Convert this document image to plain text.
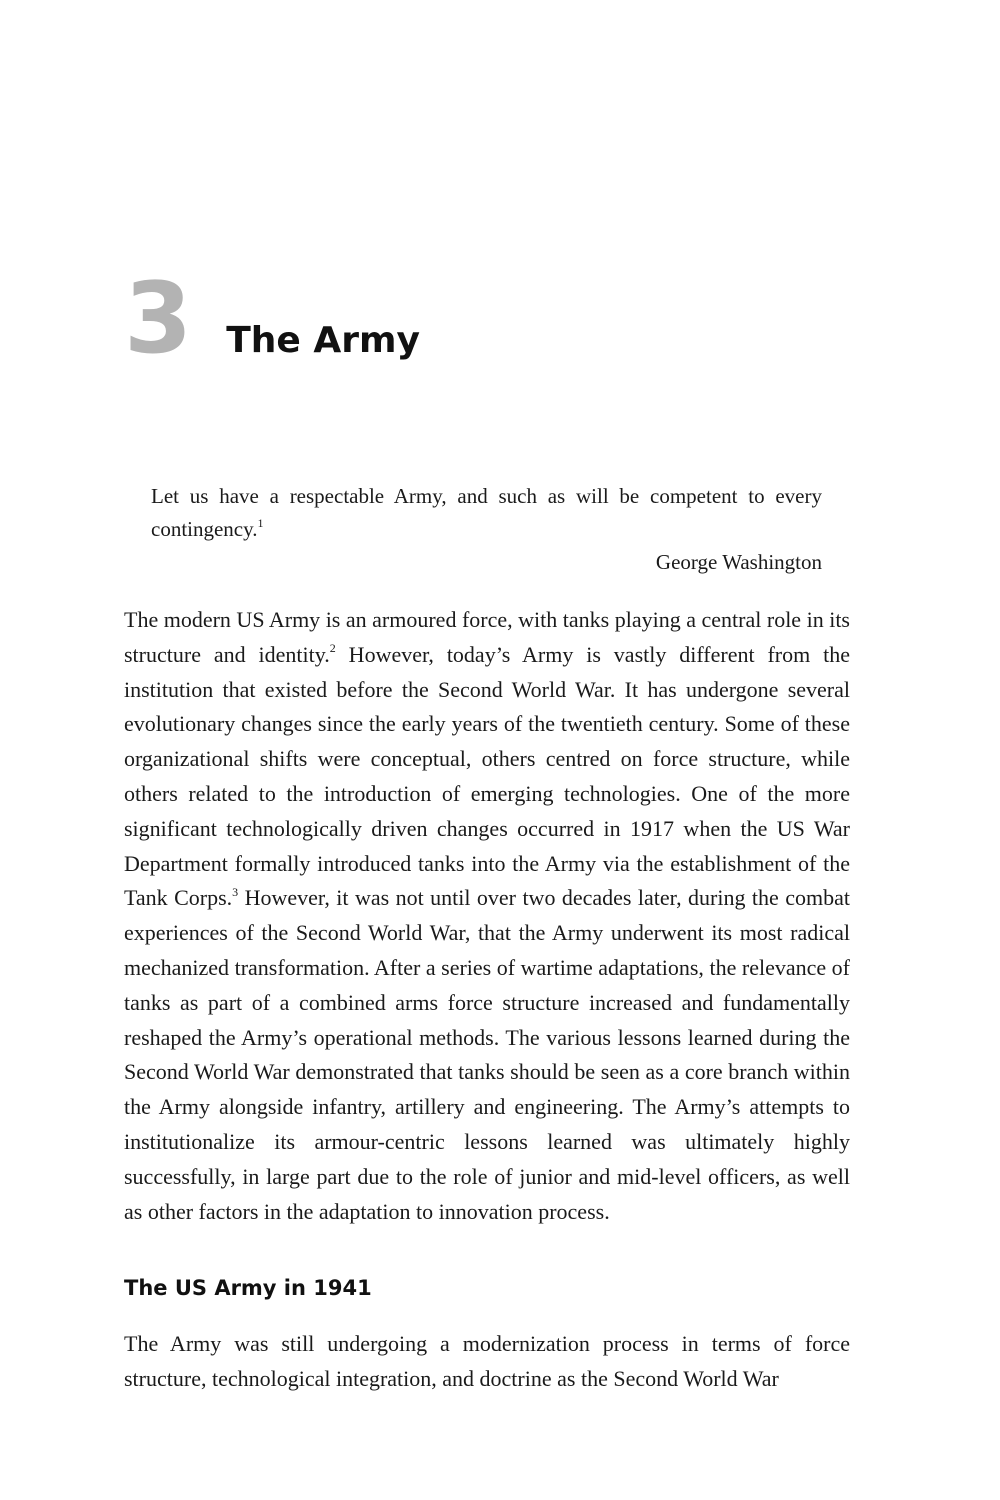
3 The Army

Let us have a respectable Army, and such as will be competent to every contingency.$^1$

George Washington

The modern US Army is an armoured force, with tanks playing a central role in its structure and identity.$^2$ However, today’s Army is vastly different from the institution that existed before the Second World War. It has undergone several evolutionary changes since the early years of the twentieth century. Some of these organizational shifts were conceptual, others centred on force structure, while others related to the introduction of emerging technologies. One of the more significant technologically driven changes occurred in 1917 when the US War Department formally introduced tanks into the Army via the establishment of the Tank Corps.$^3$ However, it was not until over two decades later, during the combat experiences of the Second World War, that the Army underwent its most radical mechanized transformation. After a series of wartime adaptations, the relevance of tanks as part of a combined arms force structure increased and fundamentally reshaped the Army’s operational methods. The various lessons learned during the Second World War demonstrated that tanks should be seen as a core branch within the Army alongside infantry, artillery and engineering. The Army’s attempts to institutionalize its armour-centric lessons learned was ultimately highly successfully, in large part due to the role of junior and mid-level officers, as well as other factors in the adaptation to innovation process.

The US Army in 1941

The Army was still undergoing a modernization process in terms of force structure, technological integration, and doctrine as the Second World War
